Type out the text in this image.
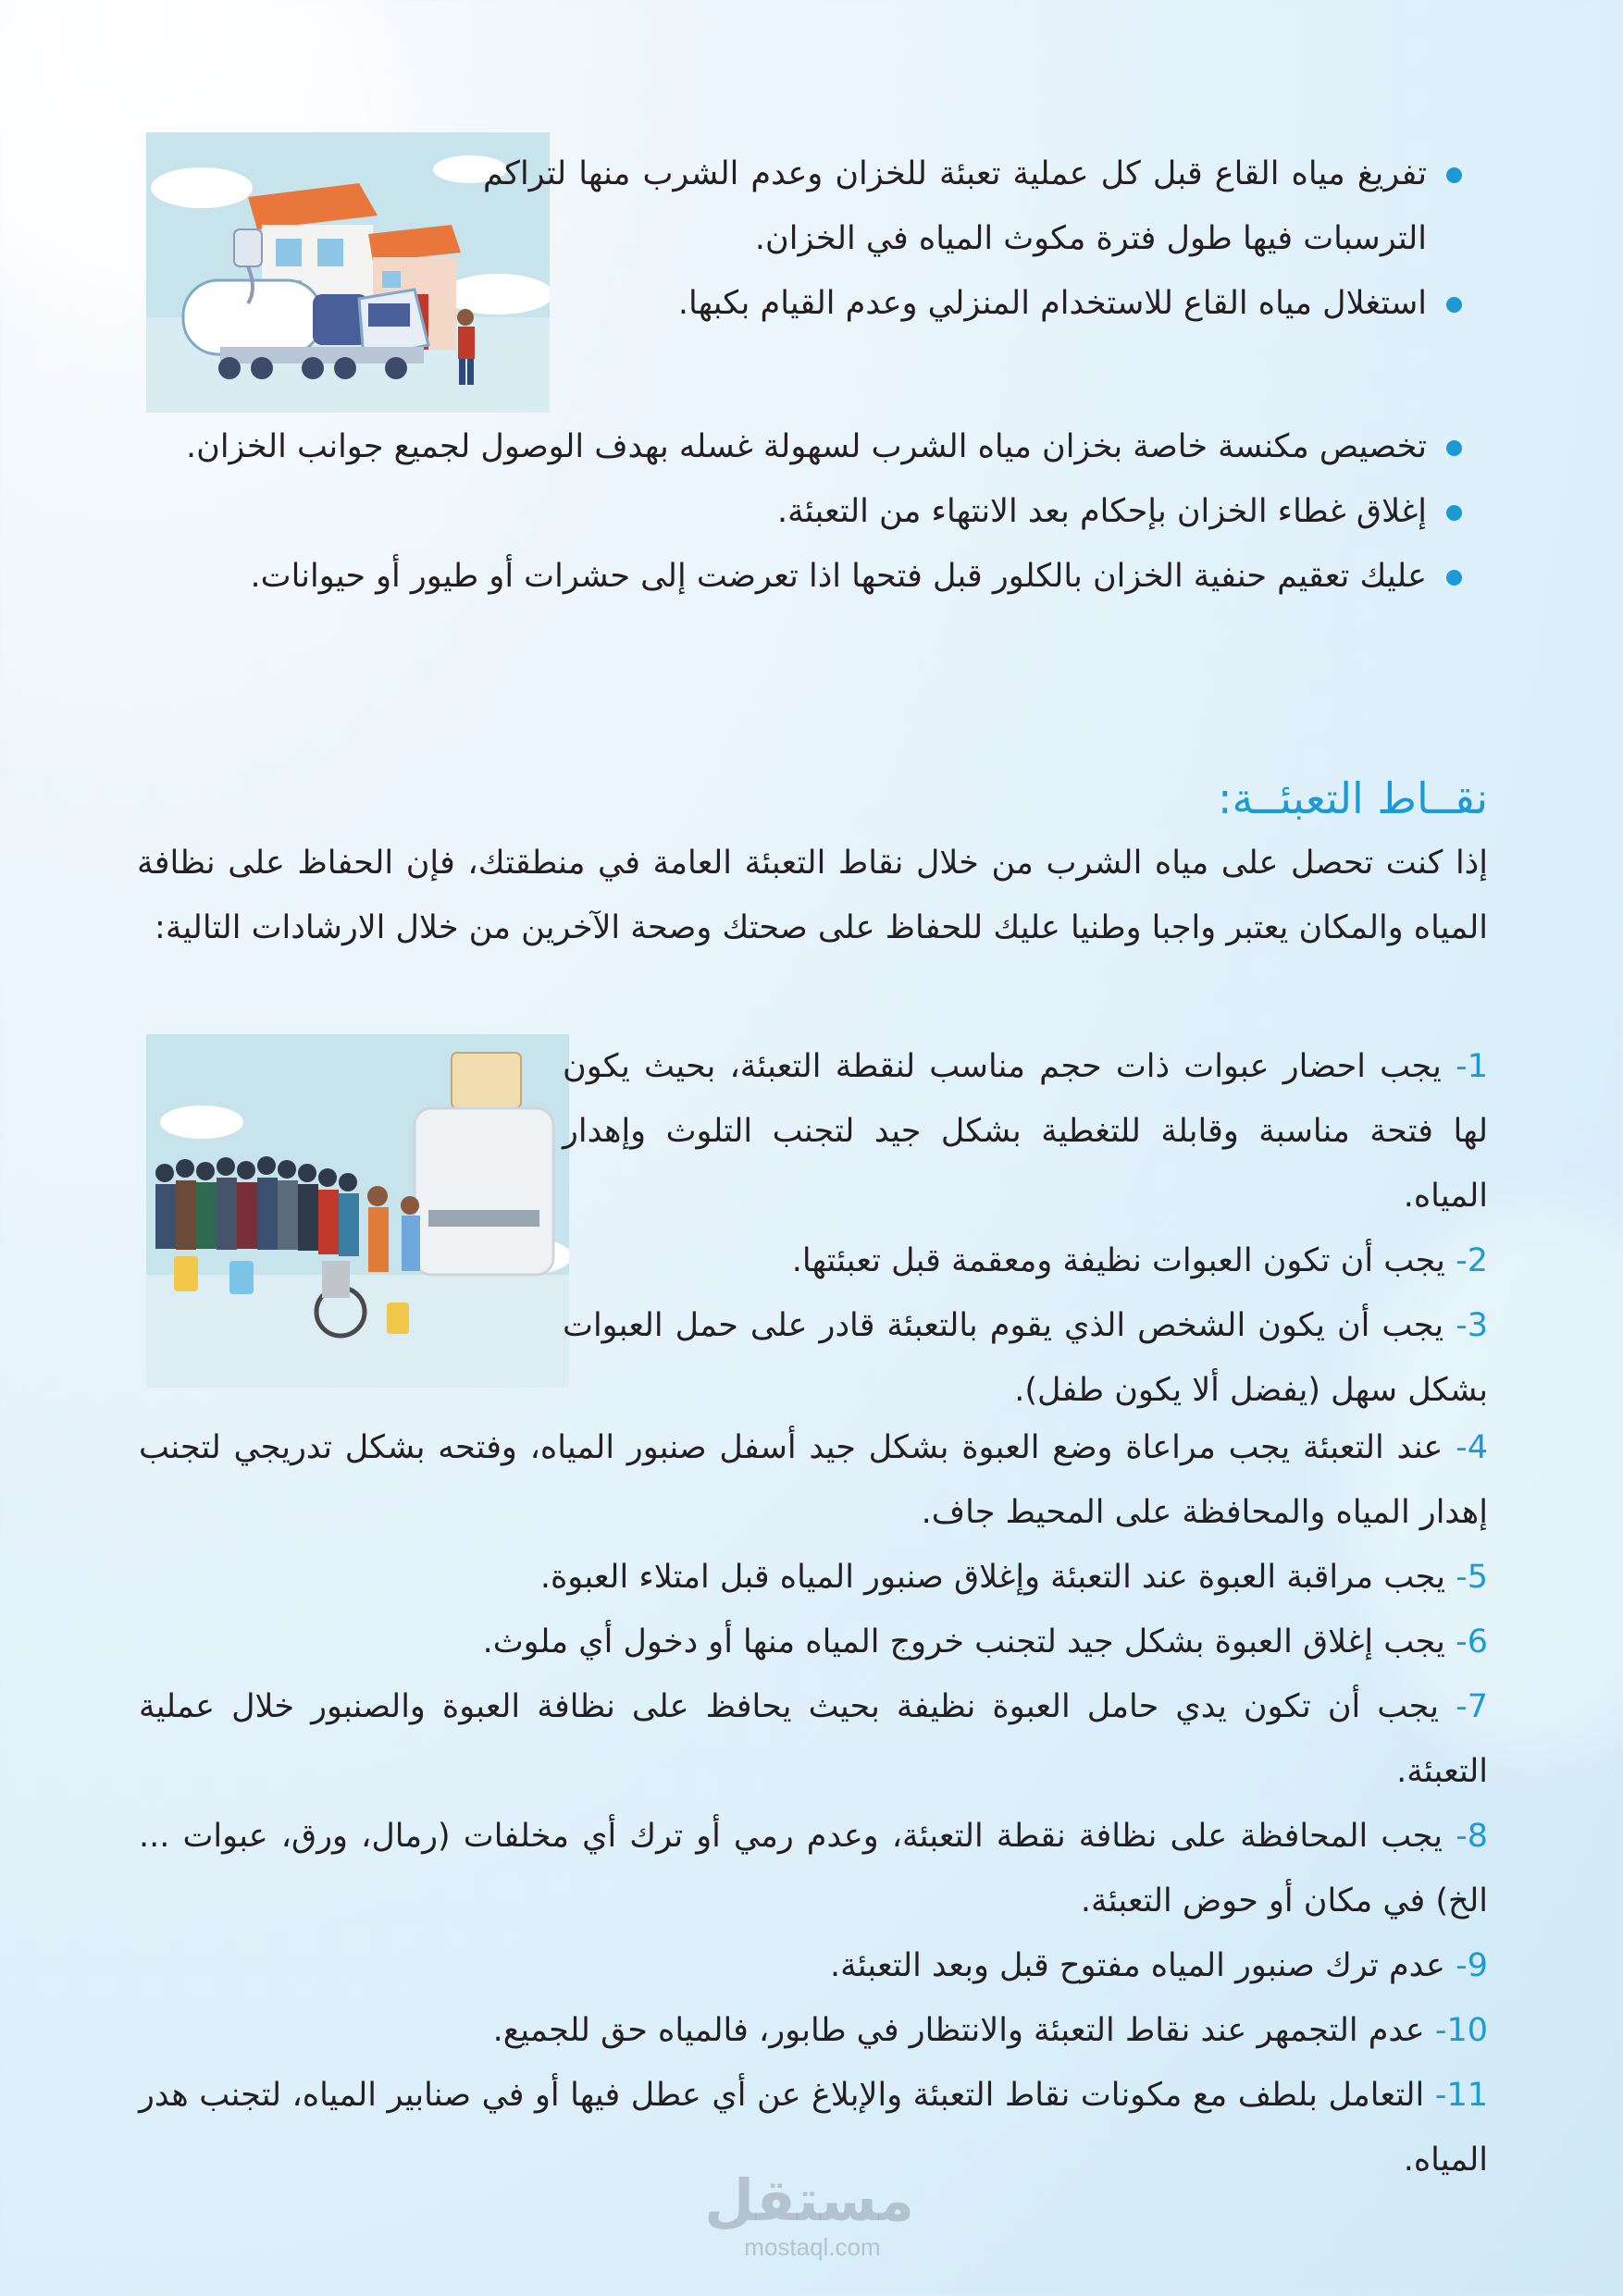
تفريغ مياه القاع قبل كل عملية تعبئة للخزان وعدم الشرب منها لتراكم الترسبات فيها طول فترة مكوث المياه في الخزان.
استغلال مياه القاع للاستخدام المنزلي وعدم القيام بكبها.
تخصيص مكنسة خاصة بخزان مياه الشرب لسهولة غسله بهدف الوصول لجميع جوانب الخزان.
إغلاق غطاء الخزان بإحكام بعد الانتهاء من التعبئة.
عليك تعقيم حنفية الخزان بالكلور قبل فتحها اذا تعرضت إلى حشرات أو طيور أو حيوانات.
نقــاط التعبئــة:
إذا كنت تحصل على مياه الشرب من خلال نقاط التعبئة العامة في منطقتك، فإن الحفاظ على نظافة المياه والمكان يعتبر واجبا وطنيا عليك للحفاظ على صحتك وصحة الآخرين من خلال الارشادات التالية:
1- يجب احضار عبوات ذات حجم مناسب لنقطة التعبئة، بحيث يكون لها فتحة مناسبة وقابلة للتغطية بشكل جيد لتجنب التلوث وإهدار المياه.
2- يجب أن تكون العبوات نظيفة ومعقمة قبل تعبئتها.
3- يجب أن يكون الشخص الذي يقوم بالتعبئة قادر على حمل العبوات بشكل سهل (يفضل ألا يكون طفل).
4- عند التعبئة يجب مراعاة وضع العبوة بشكل جيد أسفل صنبور المياه، وفتحه بشكل تدريجي لتجنب إهدار المياه والمحافظة على المحيط جاف.
5- يجب مراقبة العبوة عند التعبئة وإغلاق صنبور المياه قبل امتلاء العبوة.
6- يجب إغلاق العبوة بشكل جيد لتجنب خروج المياه منها أو دخول أي ملوث.
7- يجب أن تكون يدي حامل العبوة نظيفة بحيث يحافظ على نظافة العبوة والصنبور خلال عملية التعبئة.
8- يجب المحافظة على نظافة نقطة التعبئة، وعدم رمي أو ترك أي مخلفات (رمال، ورق، عبوات ... الخ) في مكان أو حوض التعبئة.
9- عدم ترك صنبور المياه مفتوح قبل وبعد التعبئة.
10- عدم التجمهر عند نقاط التعبئة والانتظار في طابور، فالمياه حق للجميع.
11- التعامل بلطف مع مكونات نقاط التعبئة والإبلاغ عن أي عطل فيها أو في صنابير المياه، لتجنب هدر المياه.
مستقل
mostaql.com
